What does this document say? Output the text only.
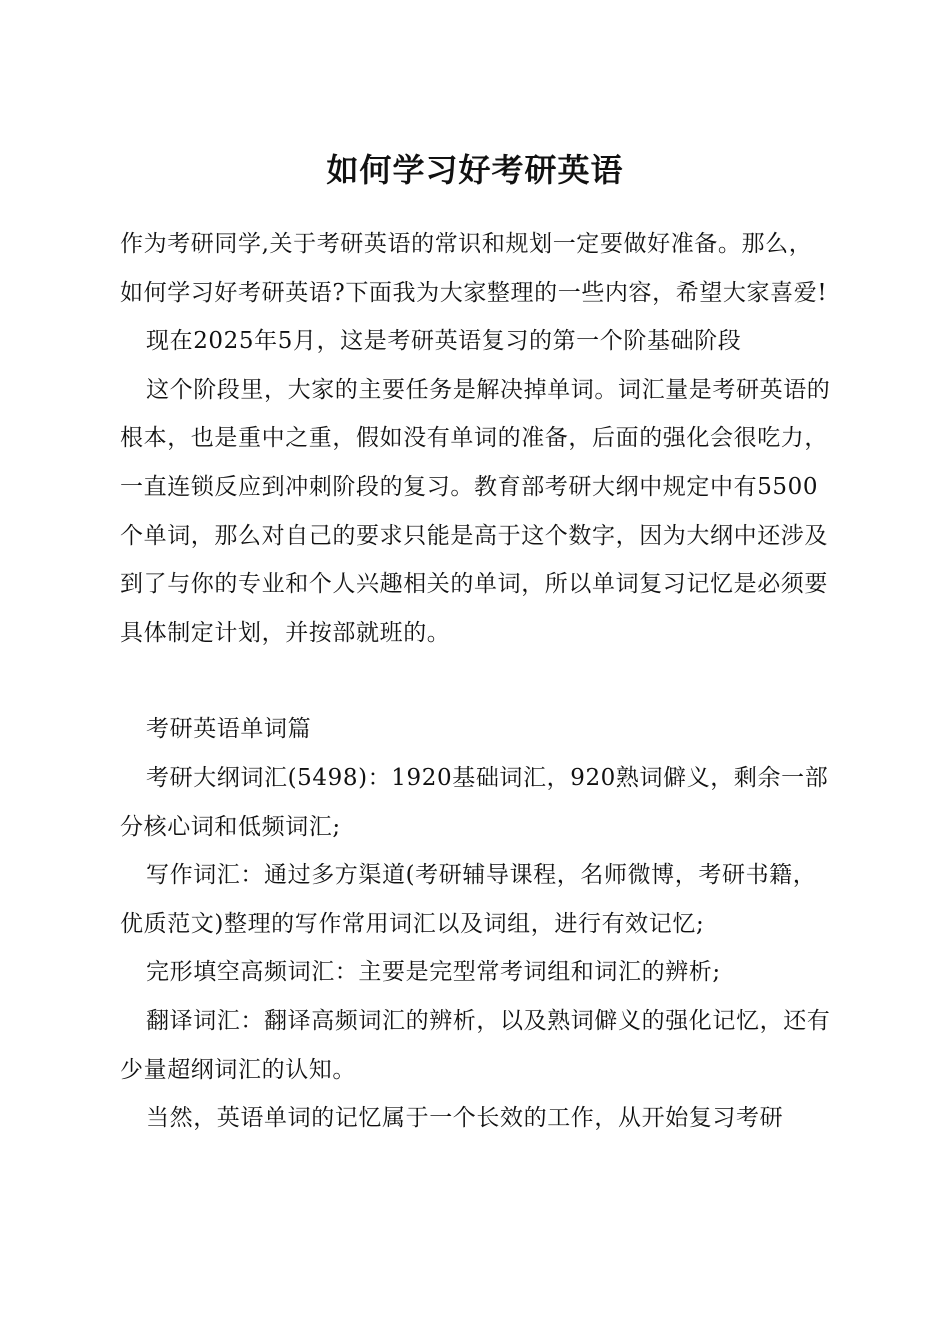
如何学习好考研英语

作为考研同学,关于考研英语的常识和规划一定要做好准备。那么，如何学习好考研英语?下面我为大家整理的一些内容，希望大家喜爱!

现在2025年5月，这是考研英语复习的第一个阶基础阶段

这个阶段里，大家的主要任务是解决掉单词。词汇量是考研英语的根本，也是重中之重，假如没有单词的准备，后面的强化会很吃力，一直连锁反应到冲刺阶段的复习。教育部考研大纲中规定中有5500个单词，那么对自己的要求只能是高于这个数字，因为大纲中还涉及到了与你的专业和个人兴趣相关的单词，所以单词复习记忆是必须要具体制定计划，并按部就班的。

考研英语单词篇

考研大纲词汇(5498)：1920基础词汇，920熟词僻义，剩余一部分核心词和低频词汇;

写作词汇：通过多方渠道(考研辅导课程，名师微博，考研书籍，优质范文)整理的写作常用词汇以及词组，进行有效记忆;

完形填空高频词汇：主要是完型常考词组和词汇的辨析;

翻译词汇：翻译高频词汇的辨析，以及熟词僻义的强化记忆，还有少量超纲词汇的认知。

当然，英语单词的记忆属于一个长效的工作，从开始复习考研
